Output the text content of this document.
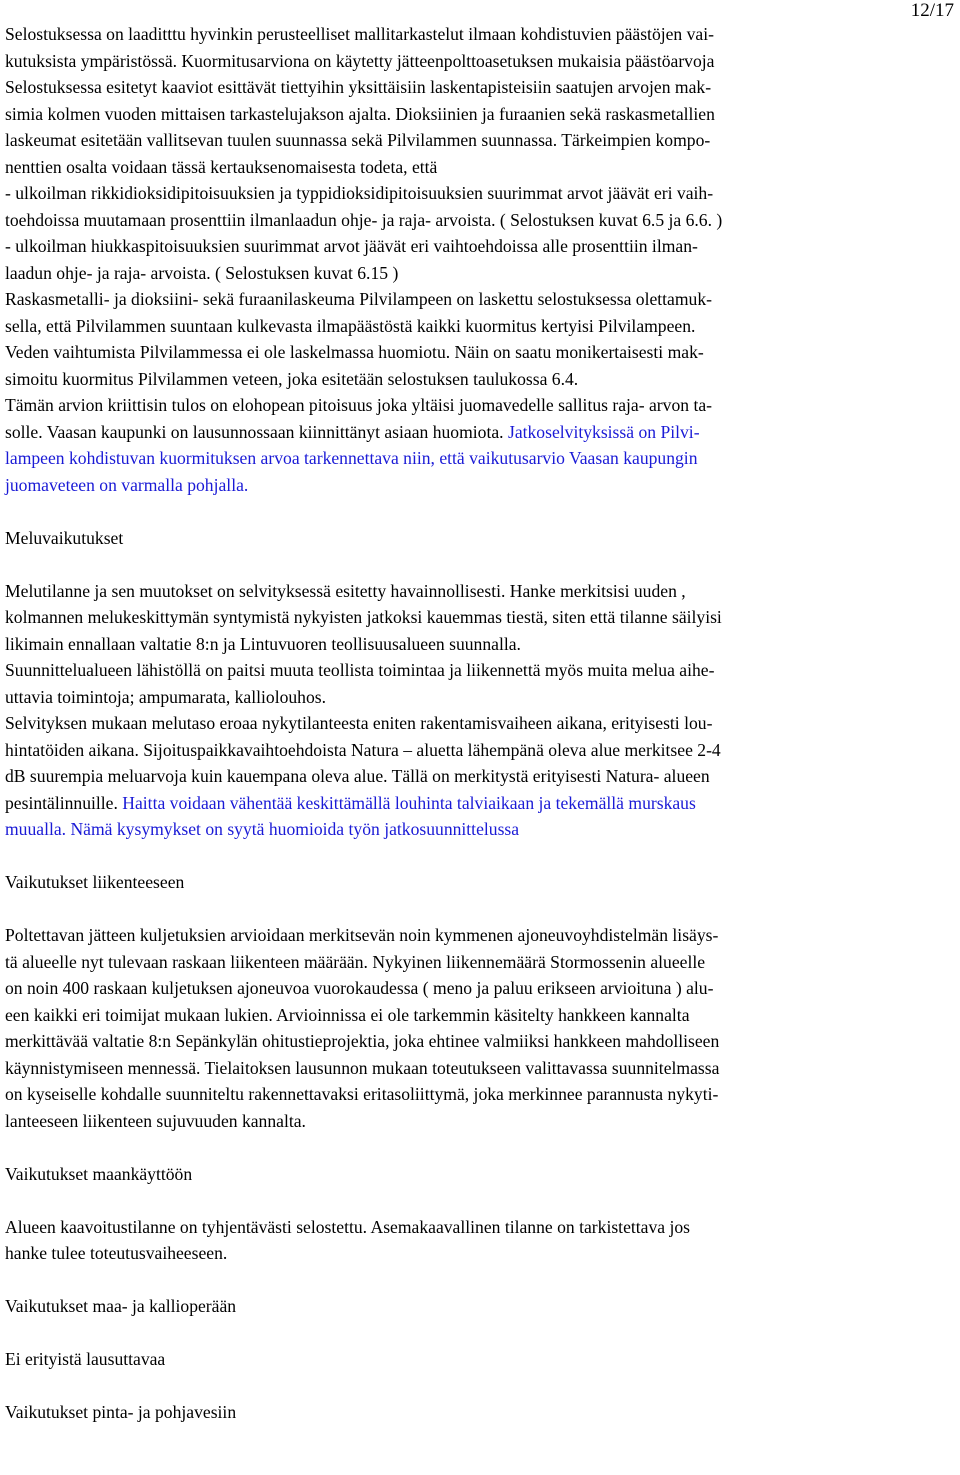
12/17
Selostuksessa on laaditttu hyvinkin perusteelliset mallitarkastelut ilmaan kohdistuvien päästöjen vai-
kutuksista ympäristössä. Kuormitusarviona on käytetty jätteenpolttoasetuksen mukaisia päästöarvoja
Selostuksessa esitetyt kaaviot esittävät tiettyihin yksittäisiin laskentapisteisiin saatujen arvojen mak-
simia kolmen vuoden mittaisen tarkastelujakson ajalta. Dioksiinien ja furaanien sekä raskasmetallien
laskeumat esitetään vallitsevan tuulen suunnassa sekä Pilvilammen suunnassa. Tärkeimpien kompo-
nenttien osalta voidaan tässä kertauksenomaisesta todeta, että
- ulkoilman rikkidioksidipitoisuuksien ja typpidioksidipitoisuuksien suurimmat arvot jäävät eri vaih-
toehdoissa muutamaan prosenttiin ilmanlaadun ohje- ja raja- arvoista. ( Selostuksen kuvat 6.5 ja 6.6. )
- ulkoilman hiukkaspitoisuuksien suurimmat arvot jäävät eri vaihtoehdoissa alle prosenttiin ilman-
laadun ohje- ja raja- arvoista. ( Selostuksen kuvat 6.15 )
Raskasmetalli- ja dioksiini- sekä furaanilaskeuma Pilvilampeen on laskettu selostuksessa olettamuk-
sella, että Pilvilammen suuntaan kulkevasta ilmapäästöstä kaikki kuormitus kertyisi Pilvilampeen.
Veden vaihtumista Pilvilammessa ei ole laskelmassa huomiotu. Näin on saatu monikertaisesti mak-
simoitu kuormitus Pilvilammen veteen, joka esitetään selostuksen taulukossa 6.4.
Tämän arvion kriittisin tulos on elohopean pitoisuus joka yltäisi juomavedelle sallitus raja- arvon ta-
solle. Vaasan kaupunki on lausunnossaan kiinnittänyt asiaan huomiota. Jatkoselvityksissä on Pilvi-
lampeen kohdistuvan kuormituksen arvoa tarkennettava niin, että vaikutusarvio Vaasan kaupungin
juomaveteen on varmalla pohjalla.
Meluvaikutukset
Melutilanne ja sen muutokset on selvityksessä esitetty havainnollisesti. Hanke merkitsisi uuden ,
kolmannen melukeskittymän syntymistä nykyisten jatkoksi kauemmas tiestä, siten että tilanne säilyisi
likimain ennallaan valtatie 8:n ja Lintuvuoren teollisuusalueen suunnalla.
Suunnittelualueen lähistöllä on paitsi muuta teollista toimintaa ja liikennettä myös muita melua aihe-
uttavia toimintoja; ampumarata, kalliolouhos.
Selvityksen mukaan melutaso eroaa nykytilanteesta eniten rakentamisvaiheen aikana, erityisesti lou-
hintatöiden aikana. Sijoituspaikkavaihtoehdoista Natura – aluetta lähempänä oleva alue merkitsee 2-4
dB suurempia meluarvoja kuin kauempana oleva alue. Tällä on merkitystä erityisesti Natura- alueen
pesintälinnuille. Haitta voidaan vähentää keskittämällä louhinta talviaikaan ja tekemällä murskaus
muualla. Nämä kysymykset on syytä huomioida työn jatkosuunnittelussa
Vaikutukset liikenteeseen
Poltettavan jätteen kuljetuksien arvioidaan merkitsevän noin kymmenen ajoneuvoyhdistelmän lisäys-
tä alueelle nyt tulevaan raskaan liikenteen määrään. Nykyinen liikennemäärä Stormossenin alueelle
on noin 400 raskaan kuljetuksen ajoneuvoa vuorokaudessa ( meno ja paluu erikseen arvioituna ) alu-
een kaikki eri toimijat mukaan lukien. Arvioinnissa ei ole tarkemmin käsitelty hankkeen kannalta
merkittävää valtatie 8:n Sepänkylän ohitustieprojektia, joka ehtinee valmiiksi hankkeen mahdolliseen
käynnistymiseen mennessä. Tielaitoksen lausunnon mukaan toteutukseen valittavassa suunnitelmassa
on kyseiselle kohdalle suunniteltu rakennettavaksi eritasoliittymä, joka merkinnee parannusta nykyti-
lanteeseen liikenteen sujuvuuden kannalta.
Vaikutukset maankäyttöön
Alueen kaavoitustilanne on tyhjentävästi selostettu. Asemakaavallinen tilanne on tarkistettava jos
hanke tulee toteutusvaiheeseen.
Vaikutukset maa- ja kallioperään
Ei erityistä lausuttavaa
Vaikutukset pinta- ja pohjavesiin
